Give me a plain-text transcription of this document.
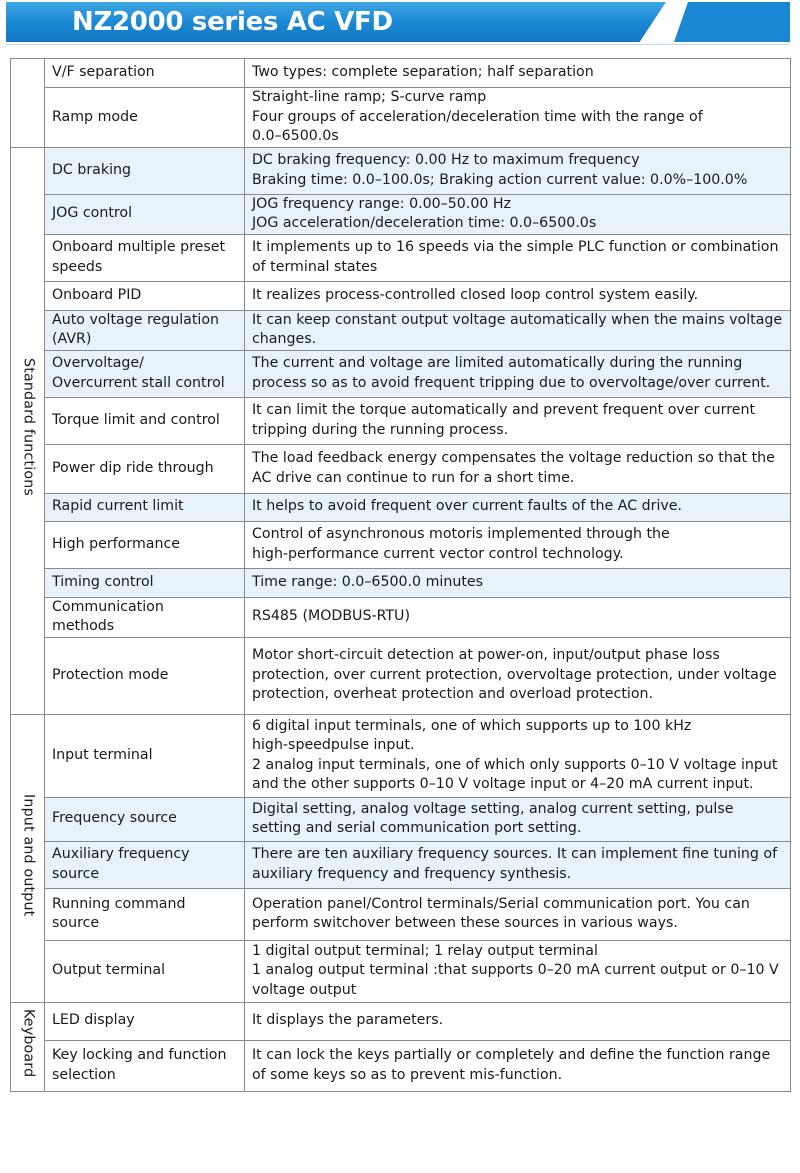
NZ2000 series AC VFD

	V/F separation	Two types: complete separation; half separation

	Ramp mode	Straight-line ramp; S-curve ramp
Four groups of acceleration/deceleration time with the range of
0.0–6500.0s

Standard functions	DC braking	DC braking frequency: 0.00 Hz to maximum frequency
Braking time: 0.0–100.0s; Braking action current value: 0.0%–100.0%

	JOG control	JOG frequency range: 0.00–50.00 Hz
JOG acceleration/deceleration time: 0.0–6500.0s

	Onboard multiple preset
speeds	It implements up to 16 speeds via the simple PLC function or combination
of terminal states

	Onboard PID	It realizes process-controlled closed loop control system easily.

	Auto voltage regulation
(AVR)	It can keep constant output voltage automatically when the mains voltage
changes.

	Overvoltage/
Overcurrent stall control	The current and voltage are limited automatically during the running
process so as to avoid frequent tripping due to overvoltage/over current.

	Torque limit and control	It can limit the torque automatically and prevent frequent over current
tripping during the running process.

	Power dip ride through	The load feedback energy compensates the voltage reduction so that the
AC drive can continue to run for a short time.

	Rapid current limit	It helps to avoid frequent over current faults of the AC drive.

	High performance	Control of asynchronous motoris implemented through the
high-performance current vector control technology.

	Timing control	Time range: 0.0–6500.0 minutes

	Communication
methods	RS485 (MODBUS-RTU)

	Protection mode	Motor short-circuit detection at power-on, input/output phase loss
protection, over current protection, overvoltage protection, under voltage
protection, overheat protection and overload protection.

Input and output	Input terminal	6 digital input terminals, one of which supports up to 100 kHz
high-speedpulse input.
2 analog input terminals, one of which only supports 0–10 V voltage input
and the other supports 0–10 V voltage input or 4–20 mA current input.

	Frequency source	Digital setting, analog voltage setting, analog current setting, pulse
setting and serial communication port setting.

	Auxiliary frequency
source	There are ten auxiliary frequency sources. It can implement fine tuning of
auxiliary frequency and frequency synthesis.

	Running command
source	Operation panel/Control terminals/Serial communication port. You can
perform switchover between these sources in various ways.

	Output terminal	1 digital output terminal; 1 relay output terminal
1 analog output terminal :that supports 0–20 mA current output or 0–10 V
voltage output

Keyboard	LED display	It displays the parameters.

	Key locking and function
selection	It can lock the keys partially or completely and define the function range
of some keys so as to prevent mis-function.
